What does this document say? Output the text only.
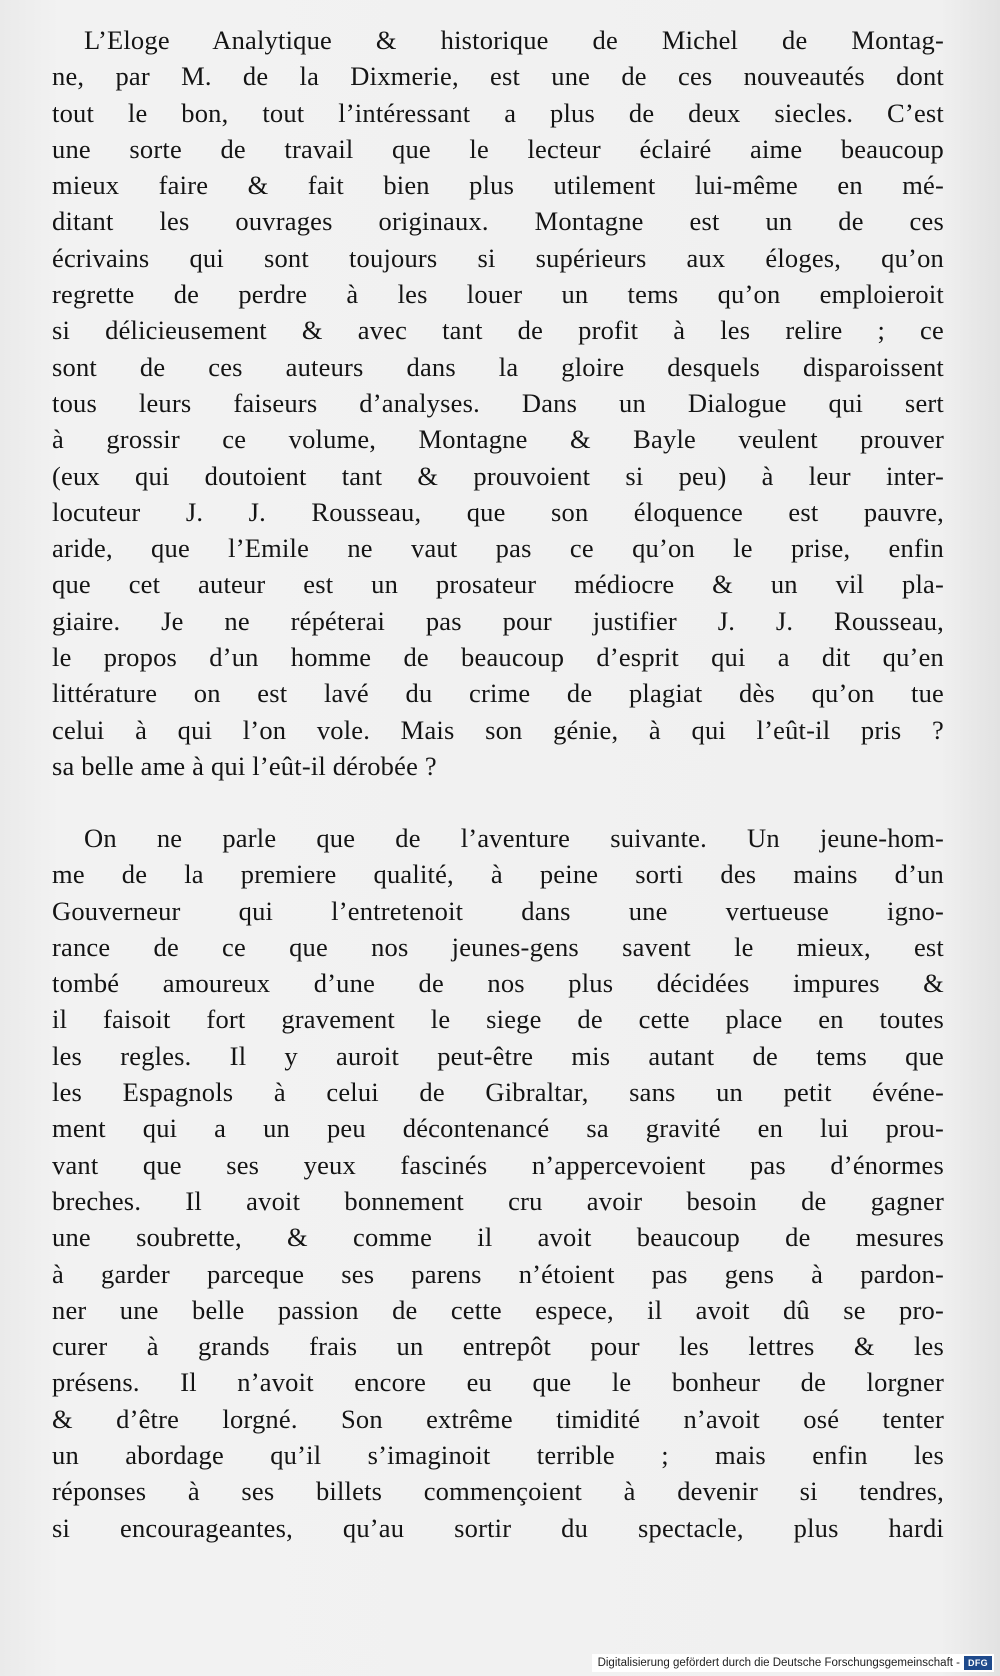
L’Eloge Analytique & historique de Michel de Montag-
ne, par M. de la Dixmerie, est une de ces nouveautés dont
tout le bon, tout l’intéressant a plus de deux siecles. C’est
une sorte de travail que le lecteur éclairé aime beaucoup
mieux faire & fait bien plus utilement lui-même en mé-
ditant les ouvrages originaux. Montagne est un de ces
écrivains qui sont toujours si supérieurs aux éloges, qu’on
regrette de perdre à les louer un tems qu’on emploieroit
si délicieusement & avec tant de profit à les relire ; ce
sont de ces auteurs dans la gloire desquels disparoissent
tous leurs faiseurs d’analyses. Dans un Dialogue qui sert
à grossir ce volume, Montagne & Bayle veulent prouver
(eux qui doutoient tant & prouvoient si peu) à leur inter-
locuteur J. J. Rousseau, que son éloquence est pauvre,
aride, que l’Emile ne vaut pas ce qu’on le prise, enfin
que cet auteur est un prosateur médiocre & un vil pla-
giaire. Je ne répéterai pas pour justifier J. J. Rousseau,
le propos d’un homme de beaucoup d’esprit qui a dit qu’en
littérature on est lavé du crime de plagiat dès qu’on tue
celui à qui l’on vole. Mais son génie, à qui l’eût-il pris ?
sa belle ame à qui l’eût-il dérobée ?
On ne parle que de l’aventure suivante. Un jeune-hom-
me de la premiere qualité, à peine sorti des mains d’un
Gouverneur qui l’entretenoit dans une vertueuse igno-
rance de ce que nos jeunes-gens savent le mieux, est
tombé amoureux d’une de nos plus décidées impures &
il faisoit fort gravement le siege de cette place en toutes
les regles. Il y auroit peut-être mis autant de tems que
les Espagnols à celui de Gibraltar, sans un petit événe-
ment qui a un peu décontenancé sa gravité en lui prou-
vant que ses yeux fascinés n’appercevoient pas d’énormes
breches. Il avoit bonnement cru avoir besoin de gagner
une soubrette, & comme il avoit beaucoup de mesures
à garder parceque ses parens n’étoient pas gens à pardon-
ner une belle passion de cette espece, il avoit dû se pro-
curer à grands frais un entrepôt pour les lettres & les
présens. Il n’avoit encore eu que le bonheur de lorgner
& d’être lorgné. Son extrême timidité n’avoit osé tenter
un abordage qu’il s’imaginoit terrible ; mais enfin les
réponses à ses billets commençoient à devenir si tendres,
si encourageantes, qu’au sortir du spectacle, plus hardi
Digitalisierung gefördert durch die Deutsche Forschungsgemeinschaft - DFG
